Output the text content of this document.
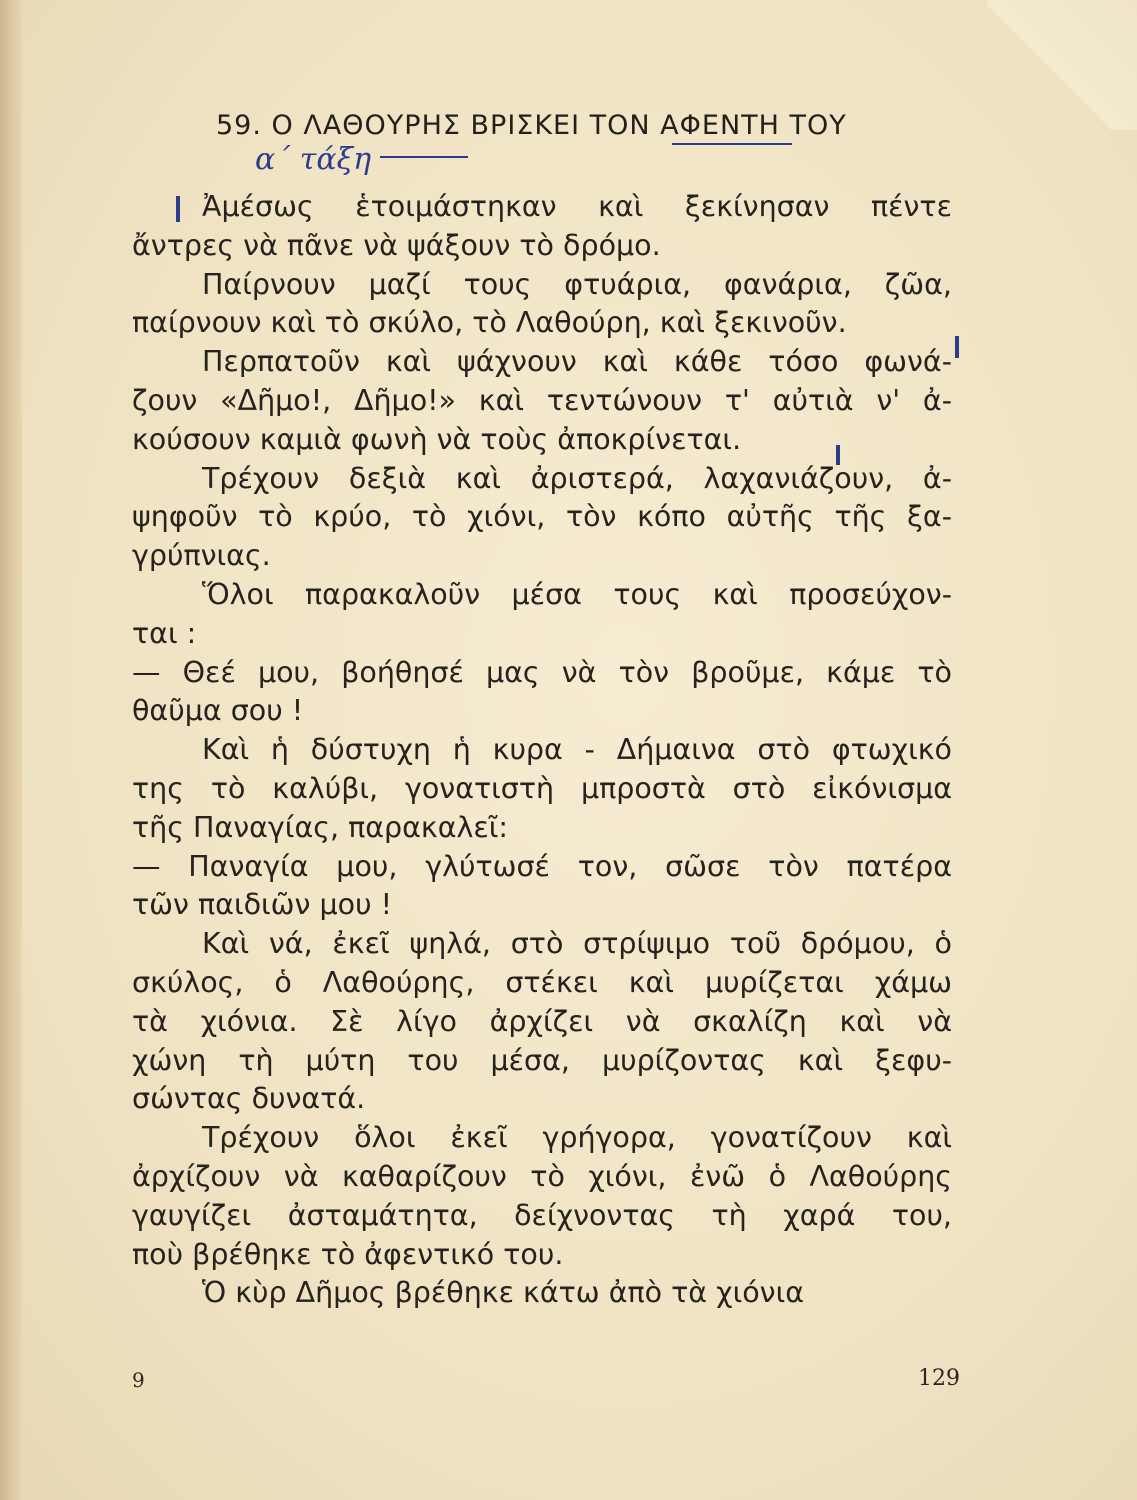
59. Ο ΛΑΘΟΥΡΗΣ ΒΡΙΣΚΕΙ ΤΟΝ ΑΦΕΝΤΗ ΤΟΥ
α΄ τάξη
Ἀμέσως ἑτοιμάστηκαν καὶ ξεκίνησαν πέντε
ἄντρες νὰ πᾶνε νὰ ψάξουν τὸ δρόμο.
Παίρνουν μαζί τους φτυάρια, φανάρια, ζῶα,
παίρνουν καὶ τὸ σκύλο, τὸ Λαθούρη, καὶ ξεκινοῦν.
Περπατοῦν καὶ ψάχνουν καὶ κάθε τόσο φωνά-
ζουν «Δῆμο!, Δῆμο!» καὶ τεντώνουν τ' αὐτιὰ ν' ἀ-
κούσουν καμιὰ φωνὴ νὰ τοὺς ἀποκρίνεται.
Τρέχουν δεξιὰ καὶ ἀριστερά, λαχανιάζουν, ἀ-
ψηφοῦν τὸ κρύο, τὸ χιόνι, τὸν κόπο αὐτῆς τῆς ξα-
γρύπνιας.
Ὅλοι παρακαλοῦν μέσα τους καὶ προσεύχον-
ται :
— Θεέ μου, βοήθησέ μας νὰ τὸν βροῦμε, κάμε τὸ
θαῦμα σου !
Καὶ ἡ δύστυχη ἡ κυρα - Δήμαινα στὸ φτωχικό
της τὸ καλύβι, γονατιστὴ μπροστὰ στὸ εἰκόνισμα
τῆς Παναγίας, παρακαλεῖ:
— Παναγία μου, γλύτωσέ τον, σῶσε τὸν πατέρα
τῶν παιδιῶν μου !
Καὶ νά, ἐκεῖ ψηλά, στὸ στρίψιμο τοῦ δρόμου, ὁ
σκύλος, ὁ Λαθούρης, στέκει καὶ μυρίζεται χάμω
τὰ χιόνια. Σὲ λίγο ἀρχίζει νὰ σκαλίζη καὶ νὰ
χώνη τὴ μύτη του μέσα, μυρίζοντας καὶ ξεφυ-
σώντας δυνατά.
Τρέχουν ὅλοι ἐκεῖ γρήγορα, γονατίζουν καὶ
ἀρχίζουν νὰ καθαρίζουν τὸ χιόνι, ἐνῶ ὁ Λαθούρης
γαυγίζει ἀσταμάτητα, δείχνοντας τὴ χαρά του,
ποὺ βρέθηκε τὸ ἀφεντικό του.
Ὁ κὺρ Δῆμος βρέθηκε κάτω ἀπὸ τὰ χιόνια
9	129
